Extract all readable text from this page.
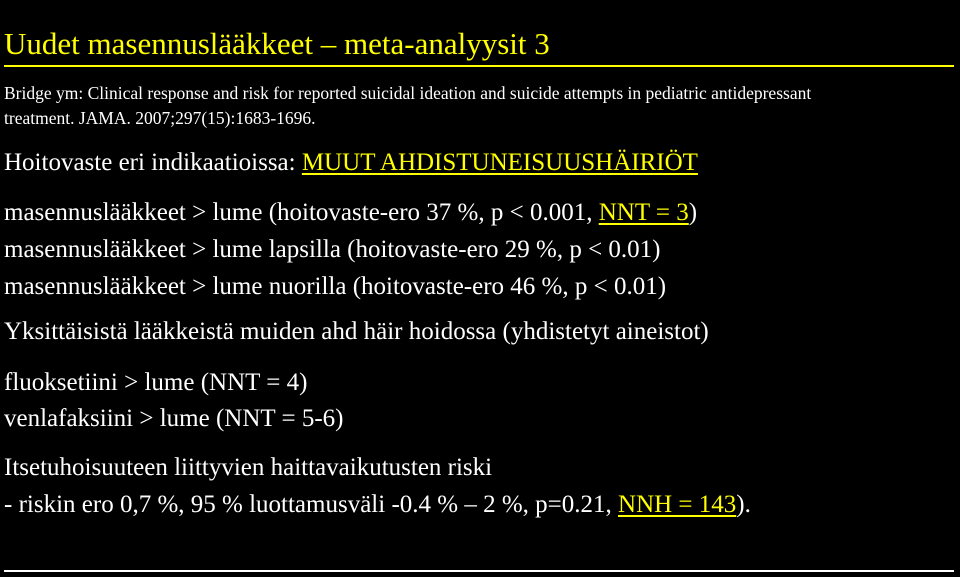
Uudet masennuslääkkeet – meta-analyysit 3
Bridge ym: Clinical response and risk for reported suicidal ideation and suicide attempts in pediatric antidepressant
treatment. JAMA. 2007;297(15):1683-1696.
Hoitovaste eri indikaatioissa: MUUT AHDISTUNEISUUSHÄIRIÖT
masennuslääkkeet > lume (hoitovaste-ero 37 %, p < 0.001, NNT = 3)
masennuslääkkeet > lume lapsilla (hoitovaste-ero 29 %, p < 0.01)
masennuslääkkeet > lume nuorilla (hoitovaste-ero 46 %, p < 0.01)
Yksittäisistä lääkkeistä muiden ahd häir hoidossa (yhdistetyt aineistot)
fluoksetiini > lume (NNT = 4)
venlafaksiini > lume (NNT = 5-6)
Itsetuhoisuuteen liittyvien haittavaikutusten riski
- riskin ero 0,7 %, 95 % luottamusväli -0.4 % – 2 %, p=0.21, NNH = 143).
